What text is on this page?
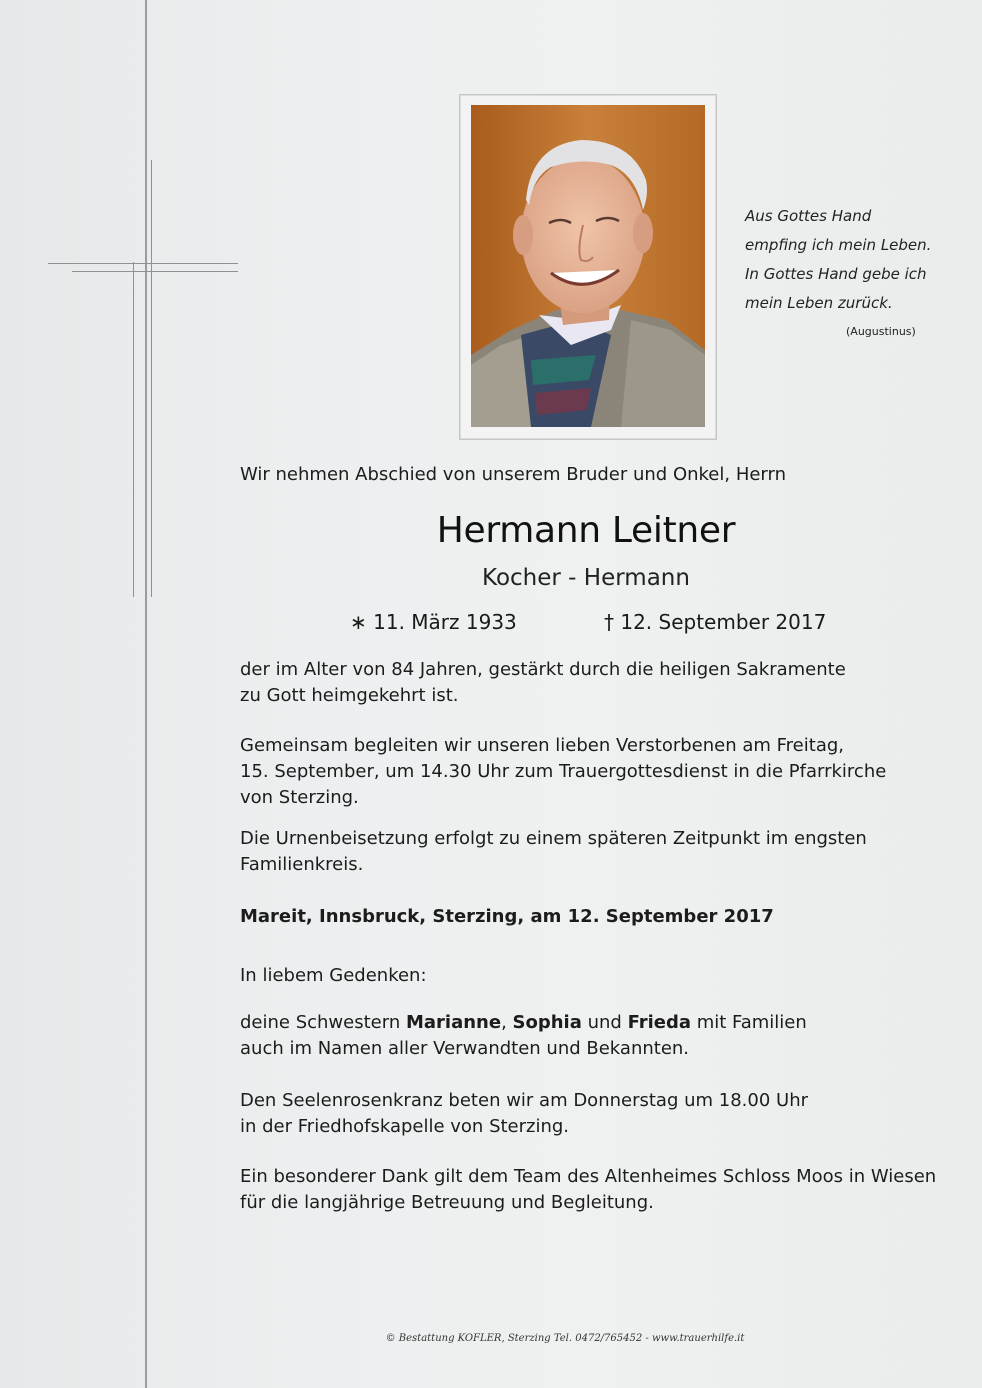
Aus Gottes Hand
empfing ich mein Leben.
In Gottes Hand gebe ich
mein Leben zurück.
(Augustinus)
Wir nehmen Abschied von unserem Bruder und Onkel, Herrn
Hermann Leitner
Kocher - Hermann
∗ 11. März 1933	† 12. September 2017
der im Alter von 84 Jahren, gestärkt durch die heiligen Sakramente
zu Gott heimgekehrt ist.
Gemeinsam begleiten wir unseren lieben Verstorbenen am Freitag,
15. September, um 14.30 Uhr zum Trauergottesdienst in die Pfarrkirche
von Sterzing.
Die Urnenbeisetzung erfolgt zu einem späteren Zeitpunkt im engsten
Familienkreis.
Mareit, Innsbruck, Sterzing, am 12. September 2017
In liebem Gedenken:
deine Schwestern Marianne, Sophia und Frieda mit Familien
auch im Namen aller Verwandten und Bekannten.
Den Seelenrosenkranz beten wir am Donnerstag um 18.00 Uhr
in der Friedhofskapelle von Sterzing.
Ein besonderer Dank gilt dem Team des Altenheimes Schloss Moos in Wiesen
für die langjährige Betreuung und Begleitung.
© Bestattung KOFLER, Sterzing Tel. 0472/765452 - www.trauerhilfe.it
